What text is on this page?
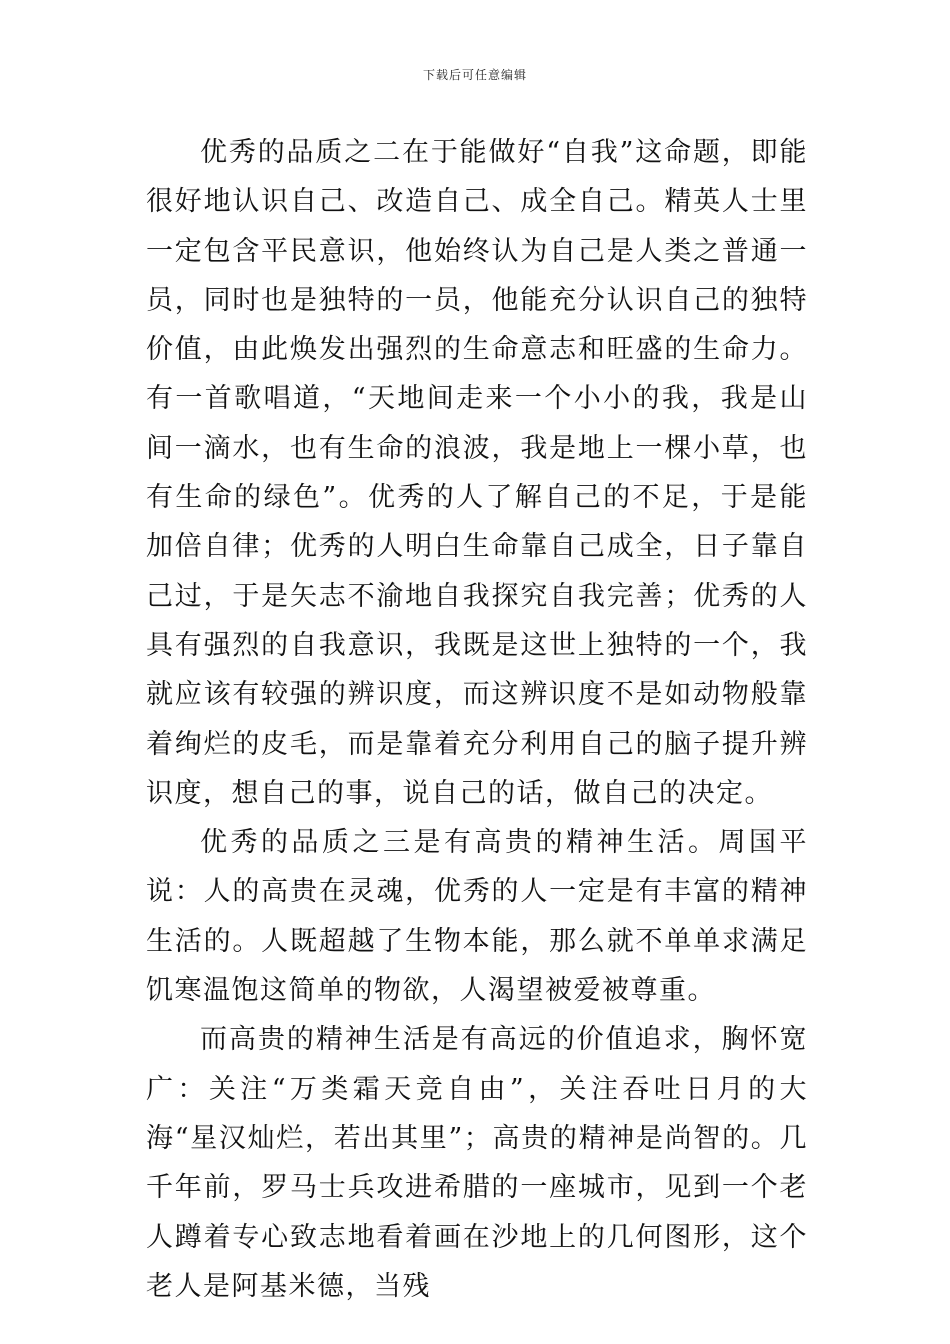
下载后可任意编辑

优秀的品质之二在于能做好“自我”这命题，即能很好地认识自己、改造自己、成全自己。精英人士里一定包含平民意识，他始终认为自己是人类之普通一员，同时也是独特的一员，他能充分认识自己的独特价值，由此焕发出强烈的生命意志和旺盛的生命力。有一首歌唱道，“天地间走来一个小小的我，我是山间一滴水，也有生命的浪波，我是地上一棵小草，也有生命的绿色”。优秀的人了解自己的不足，于是能加倍自律；优秀的人明白生命靠自己成全，日子靠自己过，于是矢志不渝地自我探究自我完善；优秀的人具有强烈的自我意识，我既是这世上独特的一个，我就应该有较强的辨识度，而这辨识度不是如动物般靠着绚烂的皮毛，而是靠着充分利用自己的脑子提升辨识度，想自己的事，说自己的话，做自己的决定。

优秀的品质之三是有高贵的精神生活。周国平说：人的高贵在灵魂，优秀的人一定是有丰富的精神生活的。人既超越了生物本能，那么就不单单求满足饥寒温饱这简单的物欲，人渴望被爱被尊重。

而高贵的精神生活是有高远的价值追求，胸怀宽广：关注“万类霜天竞自由”，关注吞吐日月的大海“星汉灿烂，若出其里”；高贵的精神是尚智的。几千年前，罗马士兵攻进希腊的一座城市，见到一个老人蹲着专心致志地看着画在沙地上的几何图形，这个老人是阿基米德，当残
